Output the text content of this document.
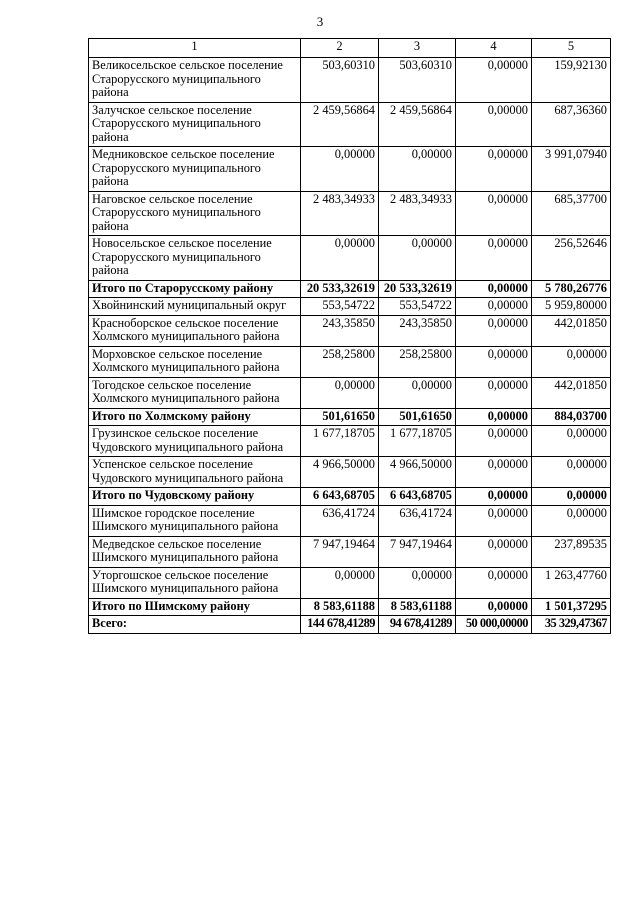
3
1	2	3	4	5
Великосельское сельское поселение Старорусского муниципального района	503,60310	503,60310	0,00000	159,92130
Залучское сельское поселение Старорусского муниципального района	2 459,56864	2 459,56864	0,00000	687,36360
Медниковское сельское поселение Старорусского муниципального района	0,00000	0,00000	0,00000	3 991,07940
Наговское сельское поселение Старорусского муниципального района	2 483,34933	2 483,34933	0,00000	685,37700
Новосельское сельское поселение Старорусского муниципального района	0,00000	0,00000	0,00000	256,52646
Итого по Старорусскому району	20 533,32619	20 533,32619	0,00000	5 780,26776
Хвойнинский муниципальный округ	553,54722	553,54722	0,00000	5 959,80000
Красноборское сельское поселение Холмского муниципального района	243,35850	243,35850	0,00000	442,01850
Морховское сельское поселение Холмского муниципального района	258,25800	258,25800	0,00000	0,00000
Тогодское сельское поселение Холмского муниципального района	0,00000	0,00000	0,00000	442,01850
Итого по Холмскому району	501,61650	501,61650	0,00000	884,03700
Грузинское сельское поселение Чудовского муниципального района	1 677,18705	1 677,18705	0,00000	0,00000
Успенское сельское поселение Чудовского муниципального района	4 966,50000	4 966,50000	0,00000	0,00000
Итого по Чудовскому району	6 643,68705	6 643,68705	0,00000	0,00000
Шимское городское поселение Шимского муниципального района	636,41724	636,41724	0,00000	0,00000
Медведское сельское поселение Шимского муниципального района	7 947,19464	7 947,19464	0,00000	237,89535
Уторгошское сельское поселение Шимского муниципального района	0,00000	0,00000	0,00000	1 263,47760
Итого по Шимскому району	8 583,61188	8 583,61188	0,00000	1 501,37295
Всего:	144 678,41289	94 678,41289	50 000,00000	35 329,47367
